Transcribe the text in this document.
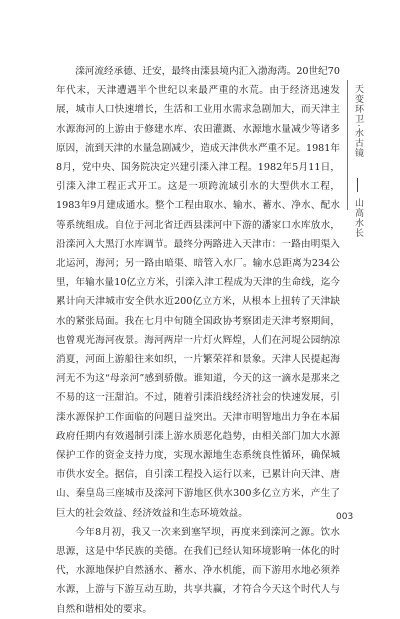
滦河流经承德、迁安，最终由滦县境内汇入渤海湾。20世纪70年代末，天津遭遇半个世纪以来最严重的水荒。由于经济迅速发展，城市人口快速增长，生活和工业用水需求急剧加大，而天津主水源海河的上游由于修建水库、农田灌溉、水源地水量减少等诸多原因，流到天津的水量急剧减少，造成天津供水严重不足。1981年8月，党中央、国务院决定兴建引滦入津工程。1982年5月11日，引滦入津工程正式开工。这是一项跨流域引水的大型供水工程，1983年9月建成通水。整个工程由取水、输水、蓄水、净水、配水等系统组成。自位于河北省迁西县滦河中下游的潘家口水库放水，沿滦河入大黑汀水库调节。最终分两路进入天津市：一路由明渠入北运河，海河；另一路由暗渠、暗管入水厂。输水总距离为234公里，年输水量10亿立方米，引滦入津工程成为天津的生命线，迄今累计向天津城市安全供水近200亿立方米，从根本上扭转了天津缺水的紧张局面。我在七月中旬随全国政协考察团走天津考察期间，也曾观光海河夜景。海河两岸一片灯火辉煌，人们在河堤公园纳凉消夏，河面上游船往来如织，一片繁荣祥和景象。天津人民提起海河无不为这“母亲河”感到骄傲。谁知道，今天的这一滴水是那来之不易的这一汪甜泊。不过，随着引滦沿线经济社会的快速发展，引滦水源保护工作面临的问题日益突出。天津市明智地出力争在本届政府任期内有效遏制引滦上游水质恶化趋势，由相关部门加大水源保护工作的资金支持力度，实现水源地生态系统良性循环，确保城市供水安全。据信，自引滦工程投入运行以来，已累计向天津、唐山、秦皇岛三座城市及滦河下游地区供水300多亿立方米，产生了巨大的社会效益、经济效益和生态环境效益。

今年8月初，我又一次来到塞罕坝，再度来到滦河之源。饮水思源，这是中华民族的美德。在我们已经认知环境影响一体化的时代，水源地保护自然涵水、蓄水、净水机能，而下游用水地必须养水源，上游与下游互动互助，共享共赢，才符合今天这个时代人与自然和谐相处的要求。

天变环卫·水古镜
山高水长
003
